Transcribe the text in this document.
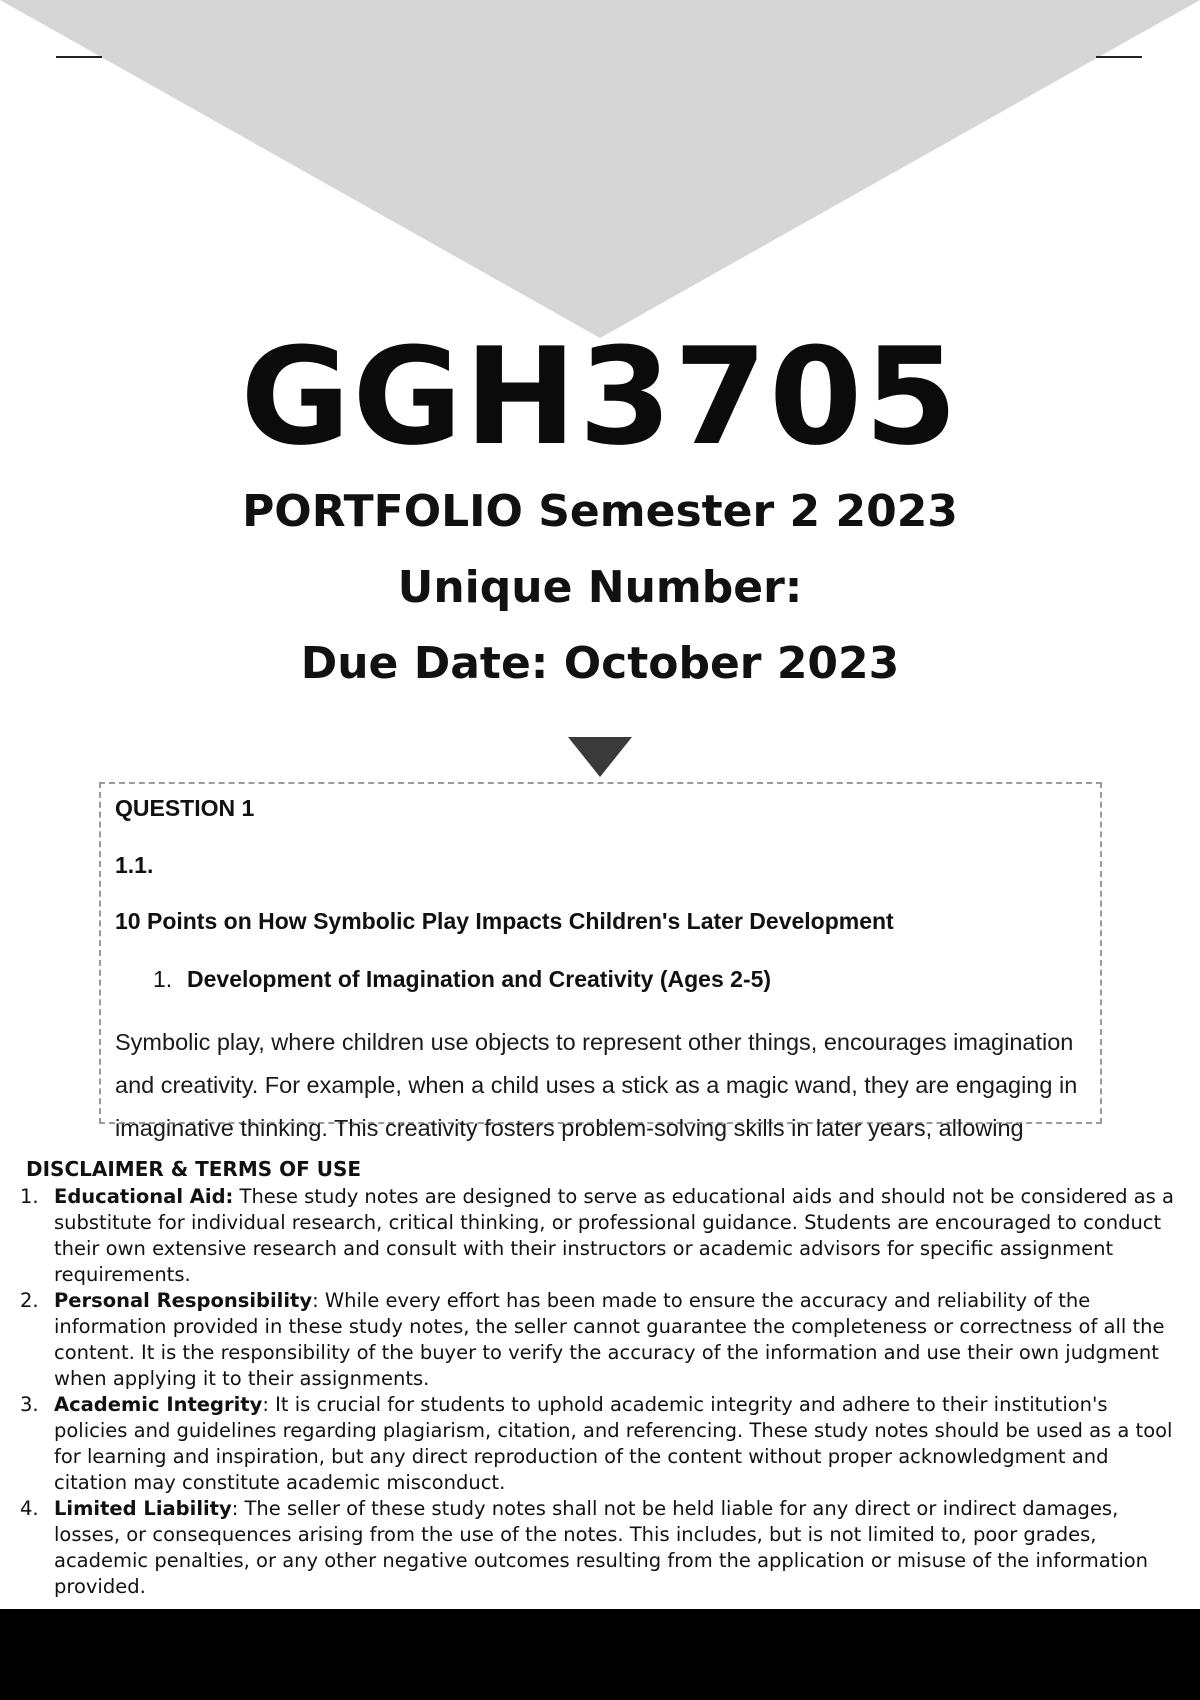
GGH3705
PORTFOLIO Semester 2 2023
Unique Number:
Due Date: October 2023
QUESTION 1
1.1.
10 Points on How Symbolic Play Impacts Children's Later Development
1. Development of Imagination and Creativity (Ages 2-5)
Symbolic play, where children use objects to represent other things, encourages imagination and creativity. For example, when a child uses a stick as a magic wand, they are engaging in imaginative thinking. This creativity fosters problem-solving skills in later years, allowing
DISCLAIMER & TERMS OF USE
1. Educational Aid: These study notes are designed to serve as educational aids and should not be considered as a substitute for individual research, critical thinking, or professional guidance. Students are encouraged to conduct their own extensive research and consult with their instructors or academic advisors for specific assignment requirements.
2. Personal Responsibility: While every effort has been made to ensure the accuracy and reliability of the information provided in these study notes, the seller cannot guarantee the completeness or correctness of all the content. It is the responsibility of the buyer to verify the accuracy of the information and use their own judgment when applying it to their assignments.
3. Academic Integrity: It is crucial for students to uphold academic integrity and adhere to their institution's policies and guidelines regarding plagiarism, citation, and referencing. These study notes should be used as a tool for learning and inspiration, but any direct reproduction of the content without proper acknowledgment and citation may constitute academic misconduct.
4. Limited Liability: The seller of these study notes shall not be held liable for any direct or indirect damages, losses, or consequences arising from the use of the notes. This includes, but is not limited to, poor grades, academic penalties, or any other negative outcomes resulting from the application or misuse of the information provided.
